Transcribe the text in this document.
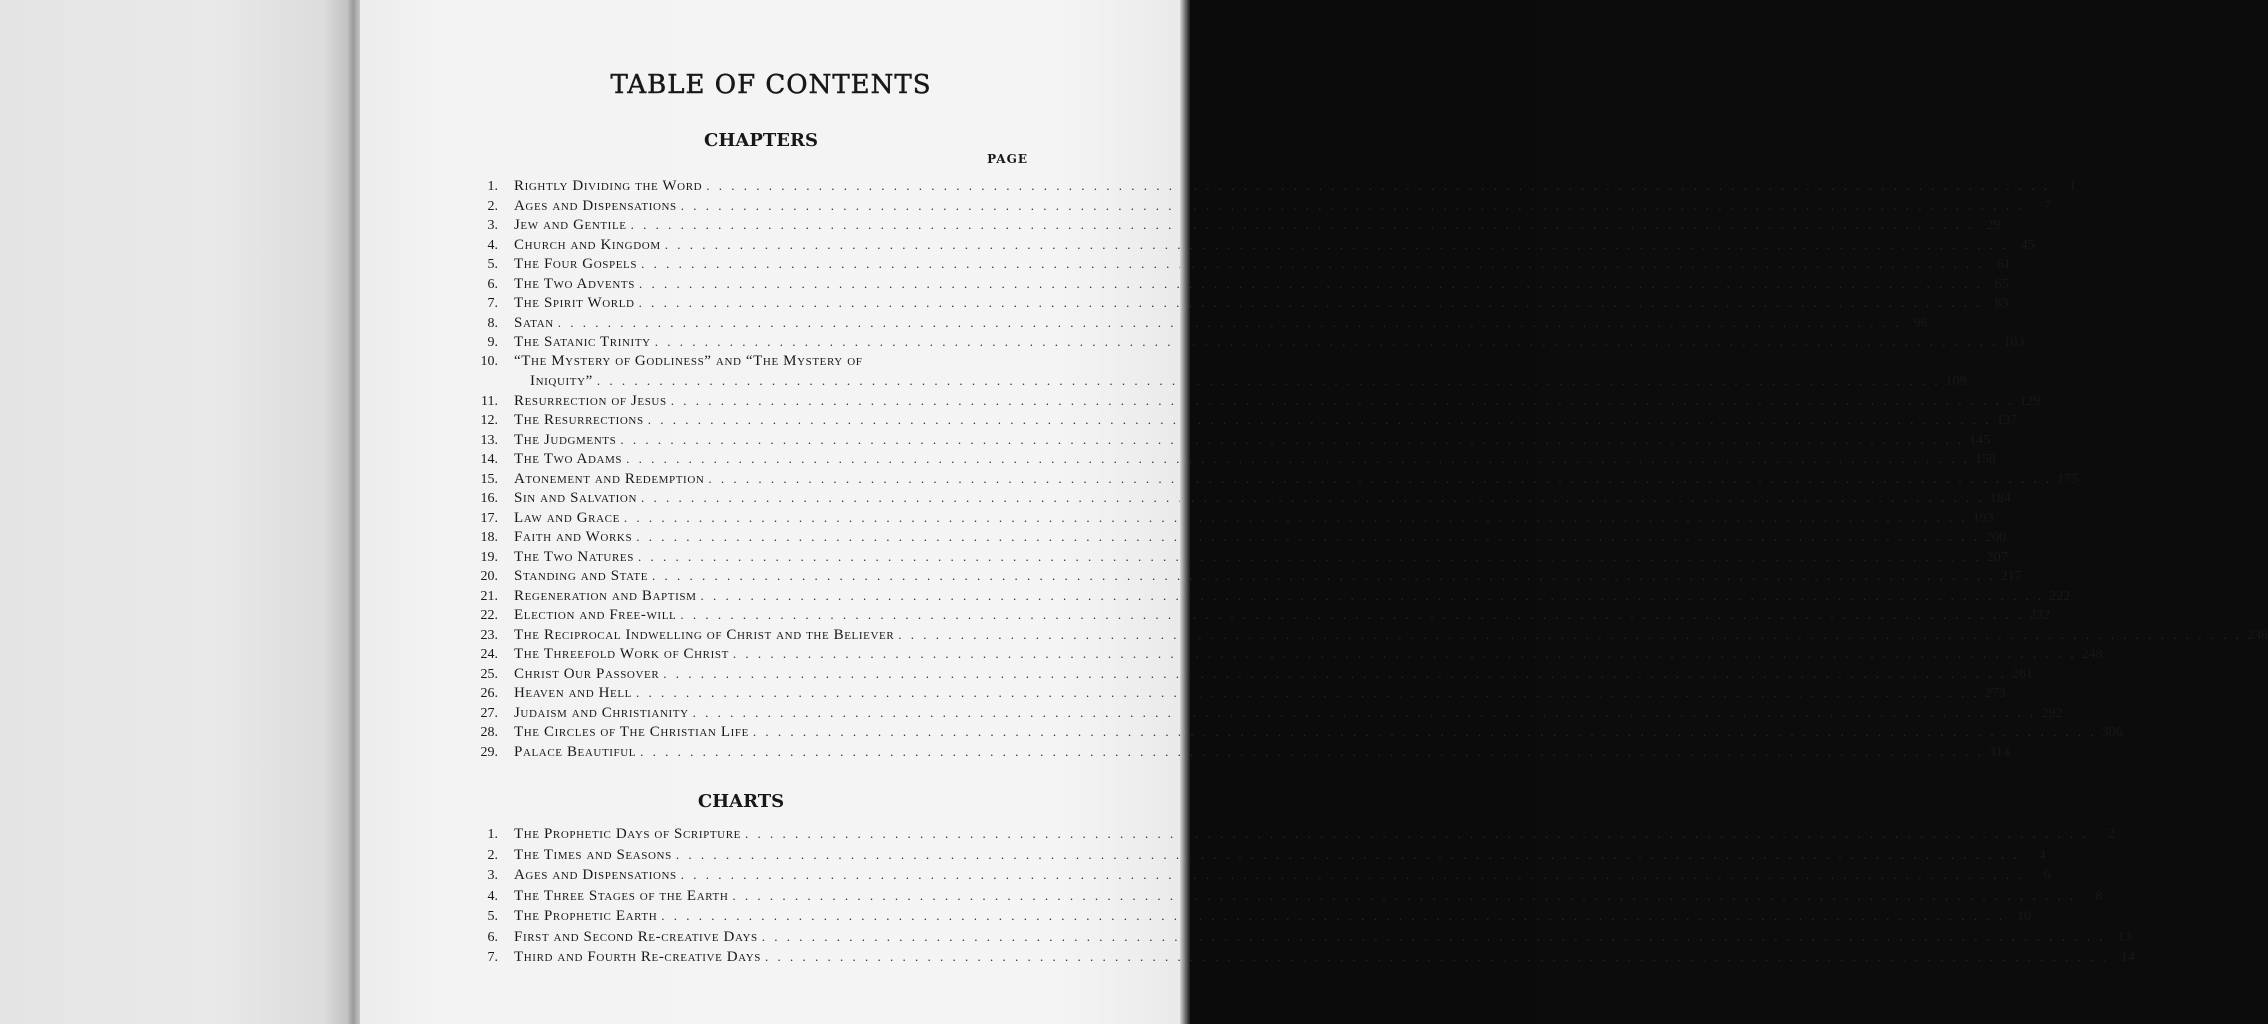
TABLE OF CONTENTS
CHAPTERS
PAGE
1. Rightly Dividing the Word . . .	1
2. Ages and Dispensations . . .	7
3. Jew and Gentile . . .	29
4. Church and Kingdom . . .	45
5. The Four Gospels . . .	61
6. The Two Advents . . .	65
7. The Spirit World . . .	83
8. Satan . . .	96
9. The Satanic Trinity . . .	103
10. “The Mystery of Godliness” and “The Mystery of
Iniquity” . . .	109
11. Resurrection of Jesus . . .	129
12. The Resurrections . . .	137
13. The Judgments . . .	145
14. The Two Adams . . .	158
15. Atonement and Redemption . . .	175
16. Sin and Salvation . . .	184
17. Law and Grace . . .	193
18. Faith and Works . . .	200
19. The Two Natures . . .	207
20. Standing and State . . .	217
21. Regeneration and Baptism . . .	222
22. Election and Free-will . . .	232
23. The Reciprocal Indwelling of Christ and the Believer . . .	238
24. The Threefold Work of Christ . . .	248
25. Christ Our Passover . . .	261
26. Heaven and Hell . . .	273
27. Judaism and Christianity . . .	292
28. The Circles of The Christian Life . . .	306
29. Palace Beautiful . . .	314
CHARTS
1. The Prophetic Days of Scripture . . .	2
2. The Times and Seasons . . .	4
3. Ages and Dispensations . . .	6
4. The Three Stages of the Earth . . .	8
5. The Prophetic Earth . . .	10
6. First and Second Re-creative Days . . .	13
7. Third and Fourth Re-creative Days . . .	14
